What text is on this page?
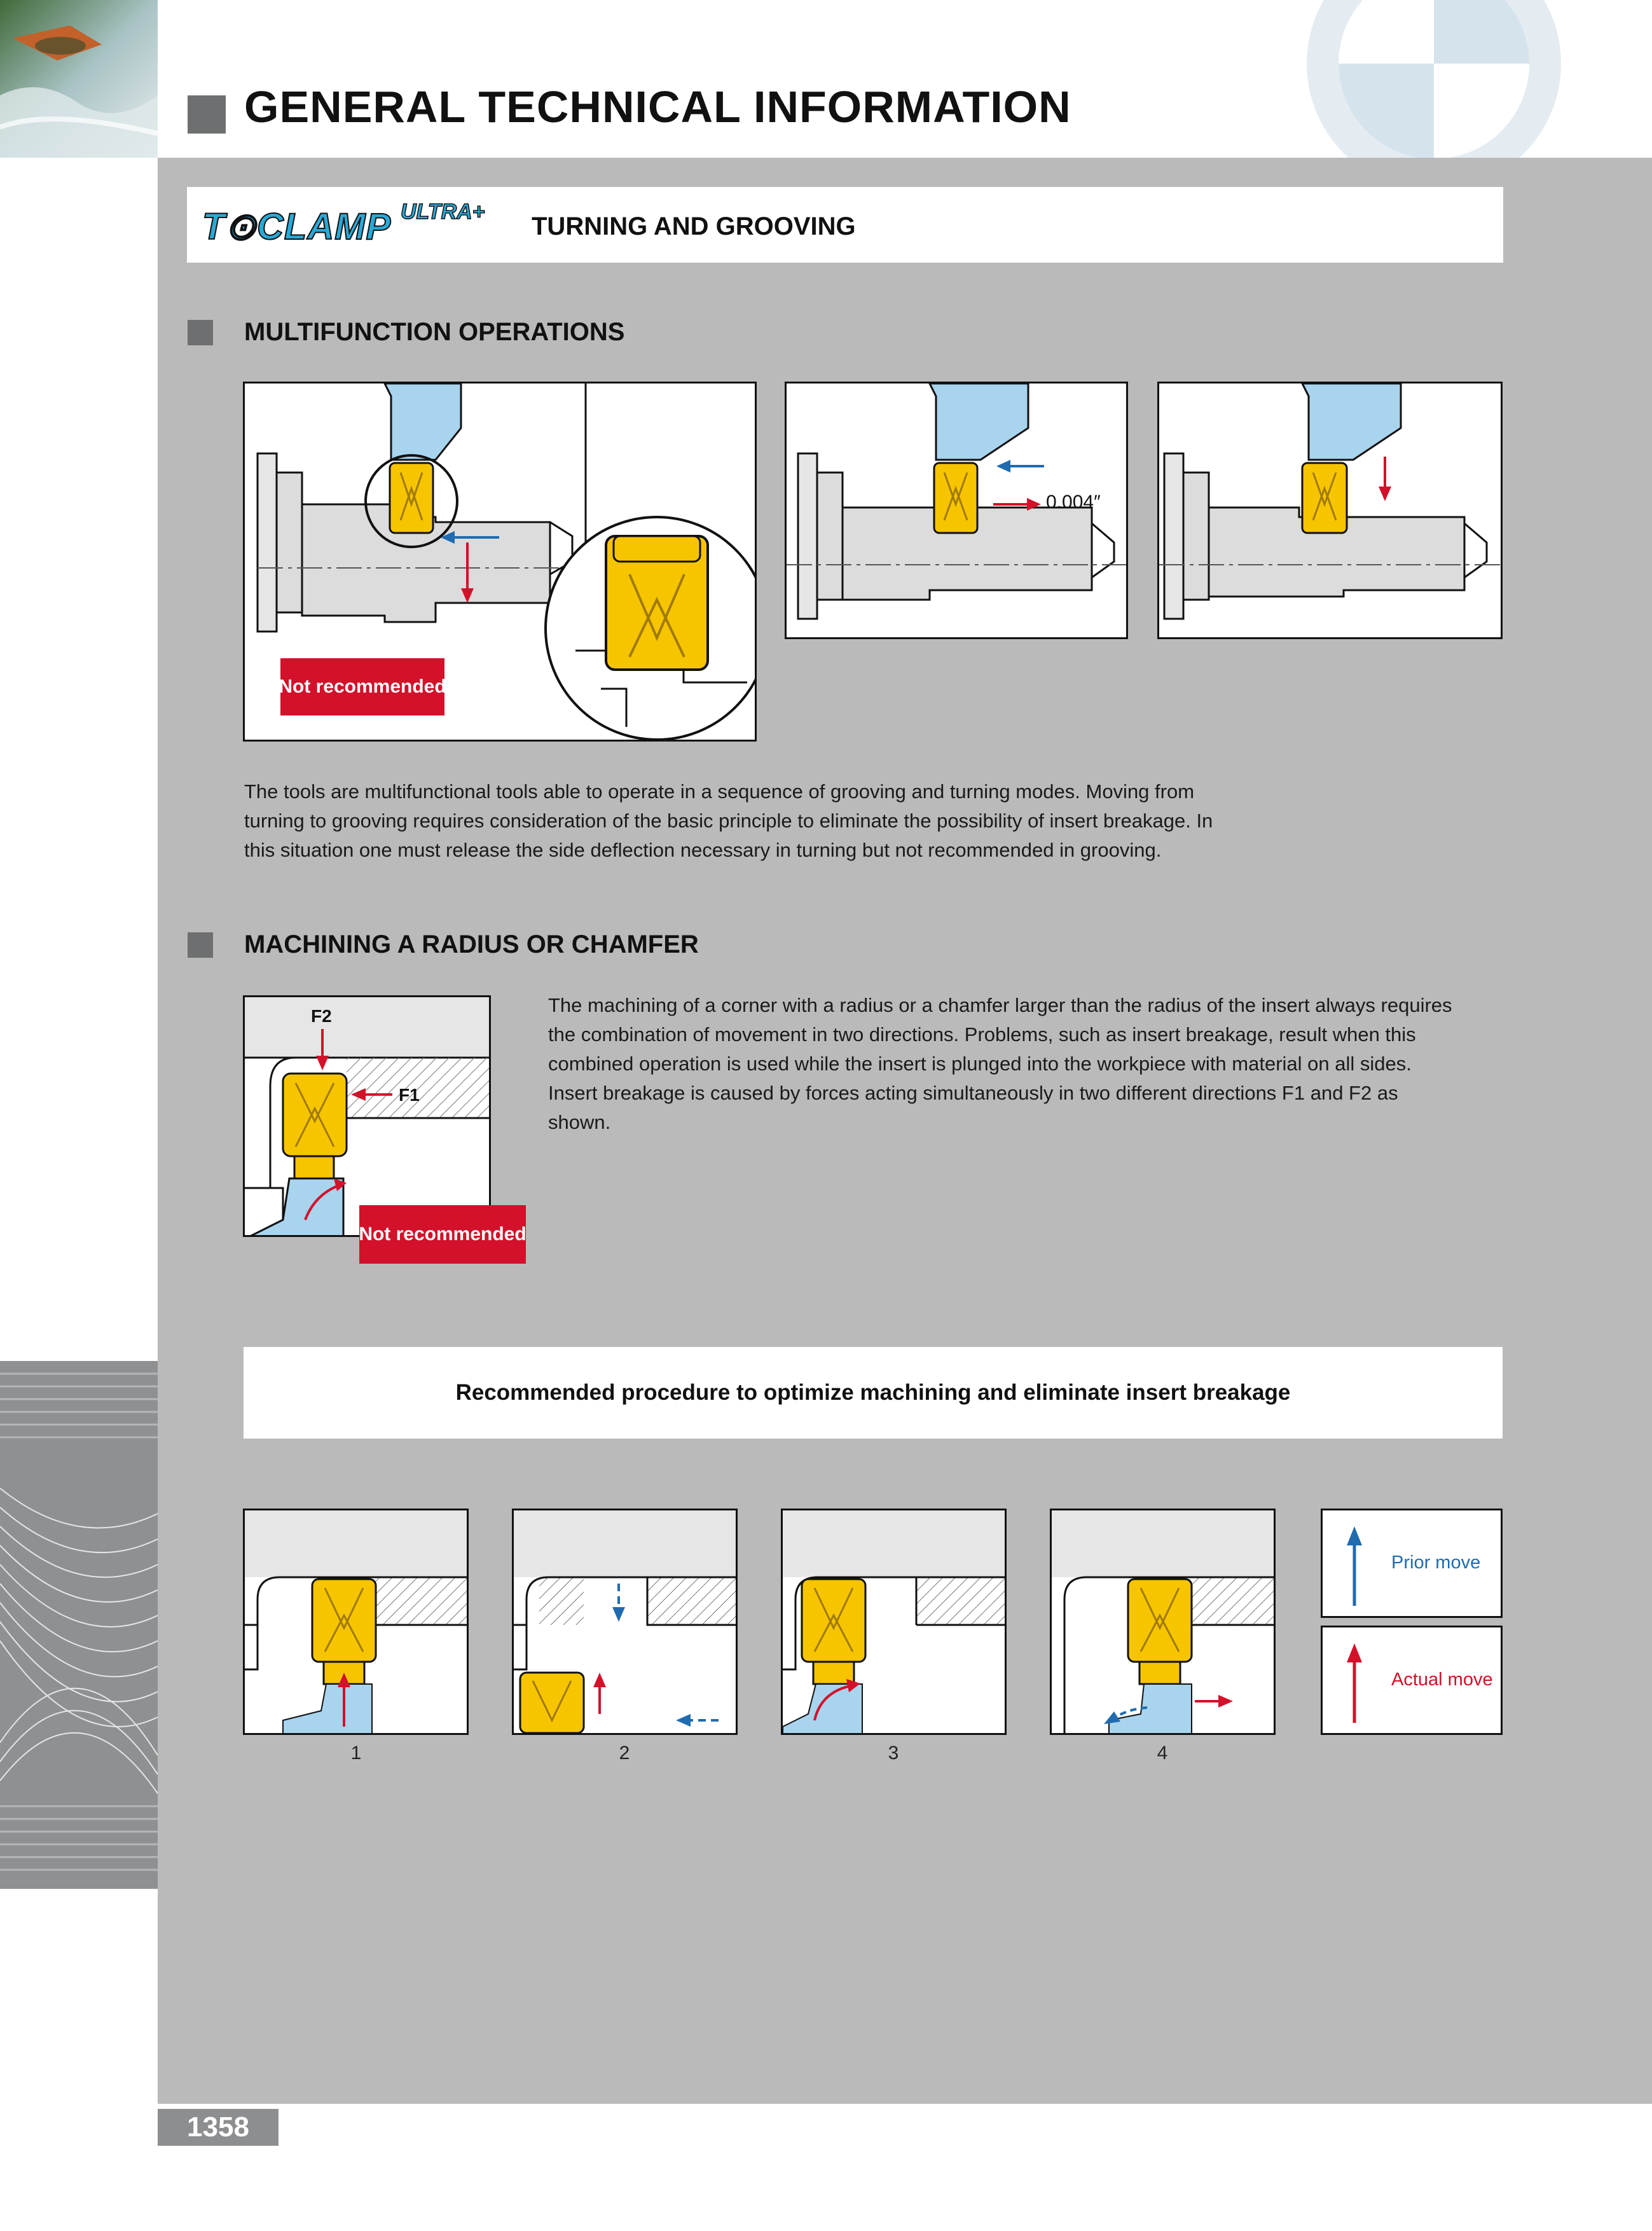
GENERAL TECHNICAL INFORMATION
T⊙CLAMP ULTRA+
TURNING AND GROOVING
MULTIFUNCTION OPERATIONS
Not recommended
0.004″

The tools are multifunctional tools able to operate in a sequence of grooving and turning modes. Moving from turning to grooving requires consideration of the basic principle to eliminate the possibility of insert breakage. In this situation one must release the side deflection necessary in turning but not recommended in grooving.

MACHINING A RADIUS OR CHAMFER
F2
F1
Not recommended

The machining of a corner with a radius or a chamfer larger than the radius of the insert always requires the combination of movement in two directions. Problems, such as insert breakage, result when this combined operation is used while the insert is plunged into the workpiece with material on all sides. Insert breakage is caused by forces acting simultaneously in two different directions F1 and F2 as shown.

Recommended procedure to optimize machining and eliminate insert breakage
1	2	3	4
Prior move
Actual move
1358
